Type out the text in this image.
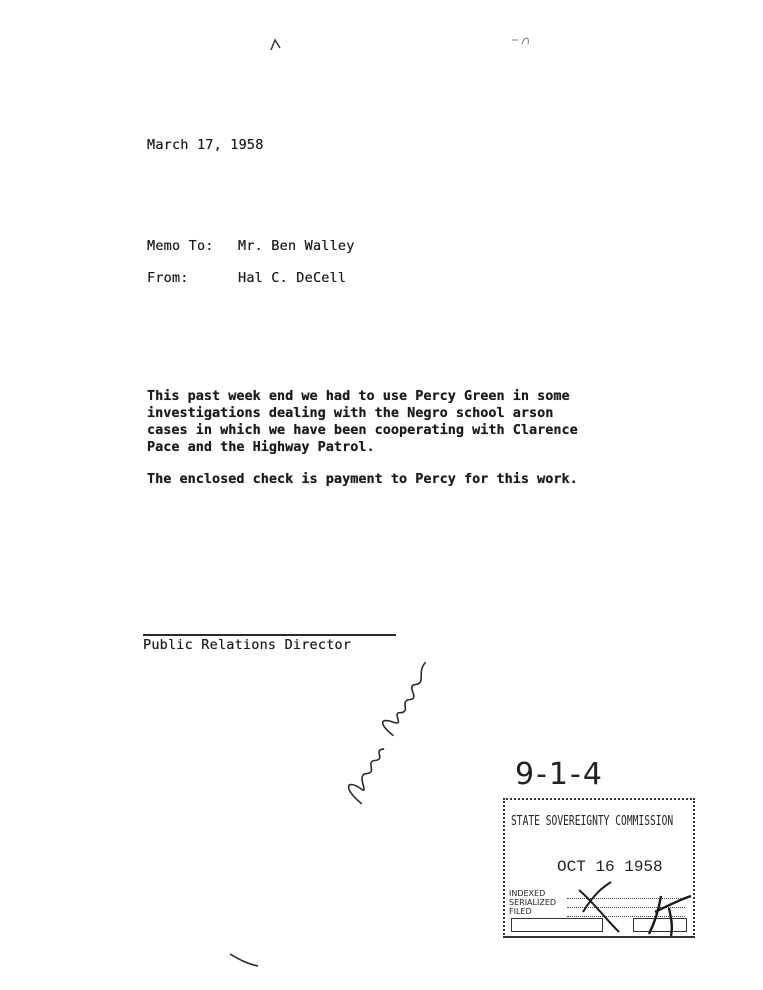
March 17, 1958
Memo To: Mr. Ben Walley
From:	Hal C. DeCell
This past week end we had to use Percy Green in some
investigations dealing with the Negro school arson
cases in which we have been cooperating with Clarence
Pace and the Highway Patrol.
The enclosed check is payment to Percy for this work.
Public Relations Director

9-1-4
STATE SOVEREIGNTY COMMISSION
OCT 16 1958
INDEXED
SERIALIZED
FILED
